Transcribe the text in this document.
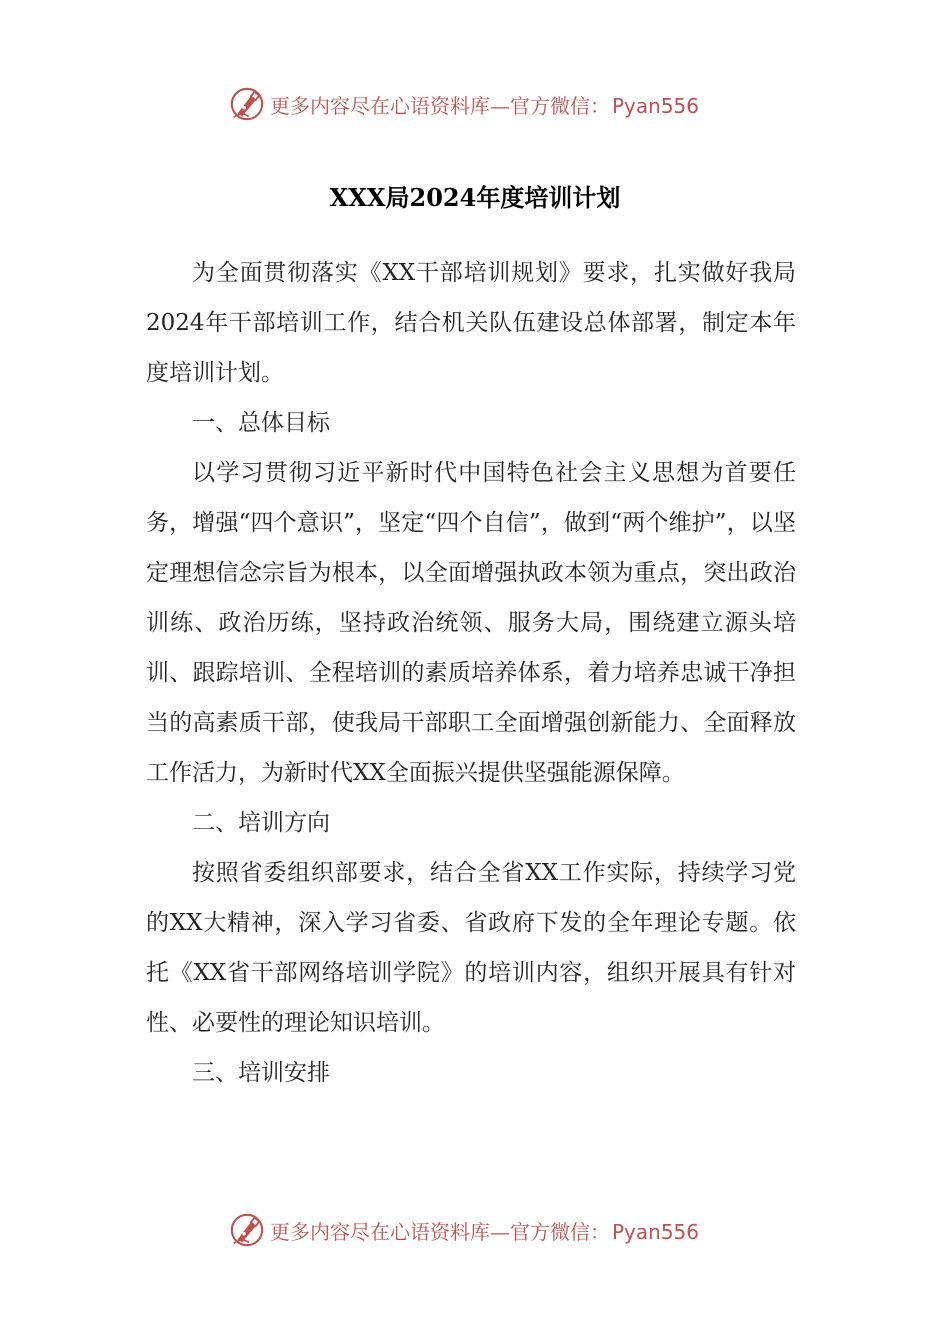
更多内容尽在心语资料库—官方微信： Pyan556
XXX局2024年度培训计划

为全面贯彻落实《XX干部培训规划》要求，扎实做好我局2024年干部培训工作，结合机关队伍建设总体部署，制定本年度培训计划。

一、总体目标

以学习贯彻习近平新时代中国特色社会主义思想为首要任务，增强“四个意识”，坚定“四个自信”，做到“两个维护”，以坚定理想信念宗旨为根本，以全面增强执政本领为重点，突出政治训练、政治历练，坚持政治统领、服务大局，围绕建立源头培训、跟踪培训、全程培训的素质培养体系，着力培养忠诚干净担当的高素质干部，使我局干部职工全面增强创新能力、全面释放工作活力，为新时代XX全面振兴提供坚强能源保障。

二、培训方向

按照省委组织部要求，结合全省XX工作实际，持续学习党的XX大精神，深入学习省委、省政府下发的全年理论专题。依托《XX省干部网络培训学院》的培训内容，组织开展具有针对性、必要性的理论知识培训。

三、培训安排

更多内容尽在心语资料库—官方微信： Pyan556
